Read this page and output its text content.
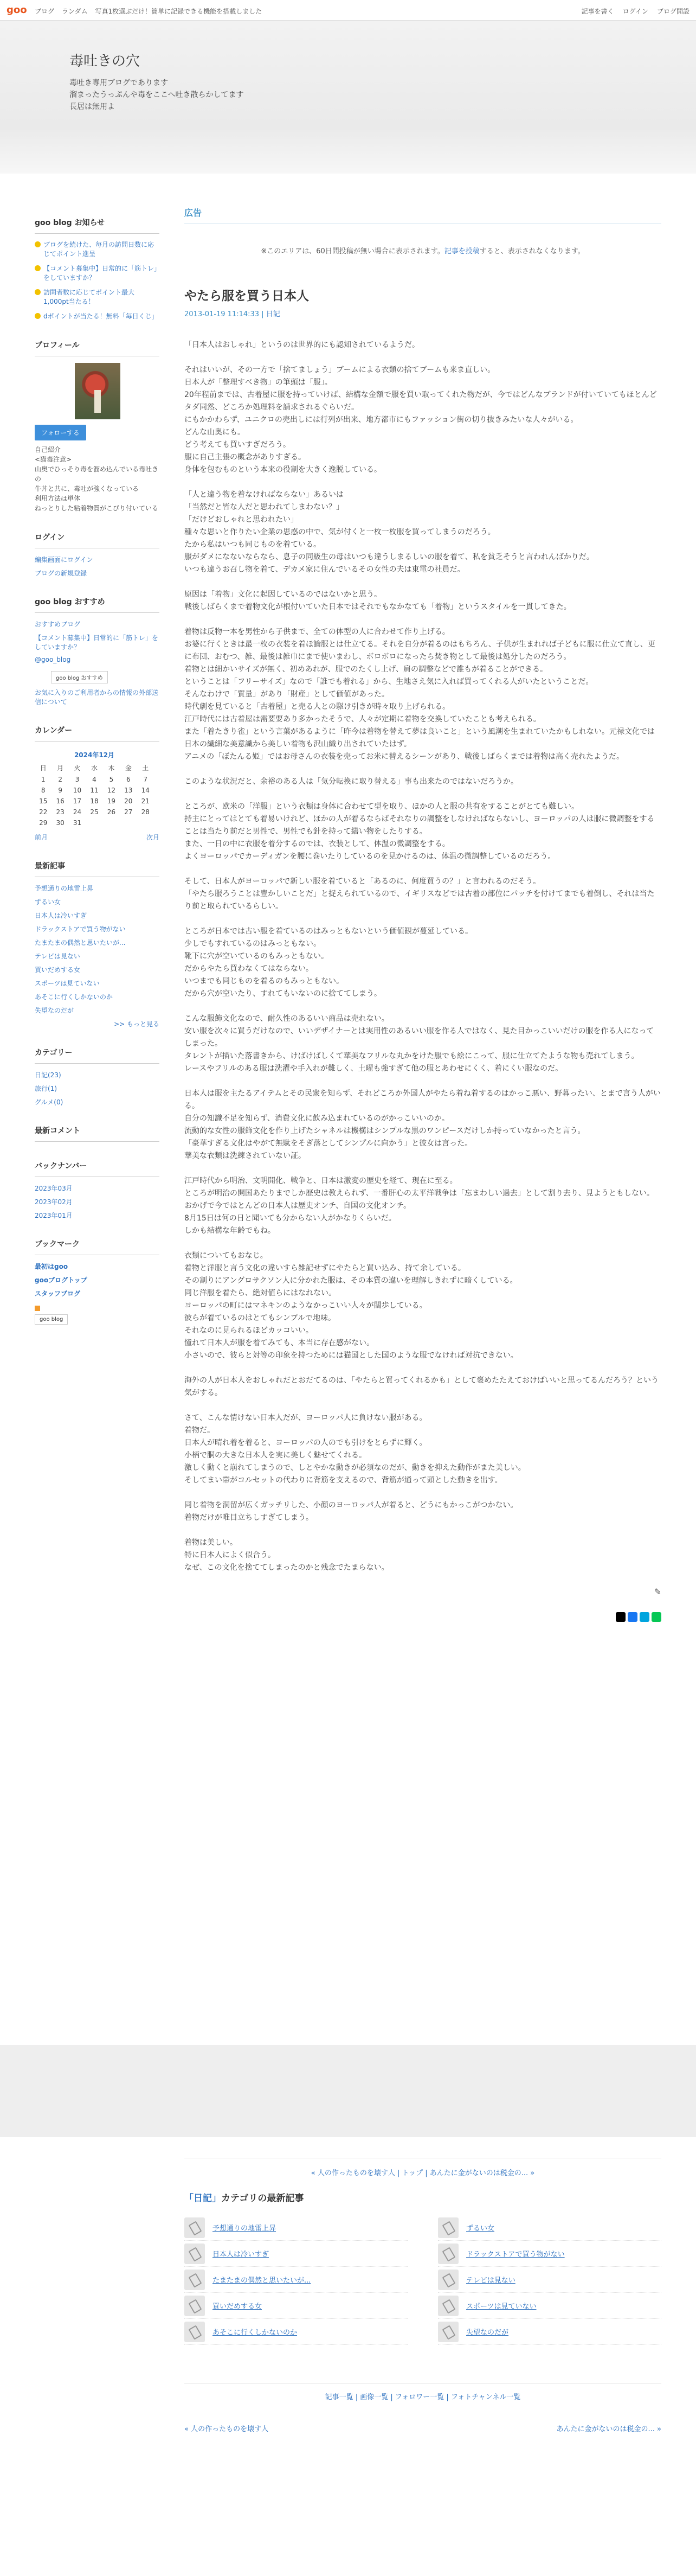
goo ブログ ランダム 写真1枚選ぶだけ！簡単に記録できる機能を搭載しました	記事を書く ログイン ブログ開設
毒吐きの穴
毒吐き専用ブログであります
溜まったうっぷんや毒をここへ吐き散らかしてます
長居は無用よ
goo blog お知らせ
ブログを続けた、毎月の訪問日数に応じてポイント進呈
【コメント募集中】日常的に「筋トレ」をしていますか？
訪問者数に応じてポイント最大1,000pt当たる！
dポイントが当たる！無料「毎日くじ」
プロフィール
フォローする
自己紹介
<猫毒注意>
山奥でひっそり毒を溜め込んでいる毒吐きの
牛丼と共に、毒吐が強くなっている
利用方法は単体
ねっとりした粘着物質がこびり付いている
ログイン
編集画面にログイン
ブログの新規登録
goo blog おすすめ
おすすめブログ
【コメント募集中】日常的に「筋トレ」をしていますか？
@goo_blog
goo blog おすすめ
お気に入りのご利用者からの情報の外部送信について
カレンダー
2024年12月
日	月	火	水	木	金	土
1	2	3	4	5	6	7
8	9	10	11	12	13	14
15	16	17	18	19	20	21
22	23	24	25	26	27	28
29	30	31				
前月	次月
最新記事
予想通りの地雷上昇
ずるい女
日本人は冷いすぎ
ドラックストアで買う物がない
たまたまの偶然と思いたいが...
テレビは見ない
買いだめする女
スポーツは見ていない
あそこに行くしかないのか
失望なのだが
>> もっと見る
カテゴリー
日記(23)
旅行(1)
グルメ(0)
最新コメント
バックナンバー
2023年03月
2023年02月
2023年01月
ブックマーク
最初はgoo
gooブログトップ
スタッフブログ
goo blog
広告
※このエリアは、60日間投稿が無い場合に表示されます。記事を投稿すると、表示されなくなります。
やたら服を買う日本人
2013-01-19 11:14:33 | 日記

「日本人はおしゃれ」というのは世界的にも認知されているようだ。

それはいいが、その一方で「捨てましょう」ブームによる衣類の捨てブームも来ま直しい。
日本人が「整理すべき物」の筆頭は「服」。
20年程前までは、古着屋に服を持っていけば、結構な金額で服を買い取ってくれた物だが、今ではどんなブランドが付いていてもほとんどタダ同然、どころか処理料を請求されるぐらいだ。
にもかかわらず、ユニクロの売出しには行列が出来、地方都市にもファッション街の切り抜きみたいな人々がいる。
どんな山奥にも。
どう考えても買いすぎだろう。
服に自己主張の概念がありすぎる。
身体を包むものという本来の役割を大きく逸脱している。

「人と違う物を着なければならない」あるいは
「当然だと皆な人だと思われてしまわない？」
「だけどおしゃれと思われたい」
種々な思いと作りたい企業の思惑の中で、気が付くと一枚一枚服を買ってしまうのだろう。
たから私はいつも同じものを着ている。
服がダメになないならなら、息子の同級生の母はいつも違うしまるしいの服を着て、私を貧乏そうと言われんばかりだ。
いつも違うお召し物を着て、デカメ家に住んでいるその女性の夫は東電の社員だ。

原因は「着物」文化に起因しているのではないかと思う。
戦後しばらくまで着物文化が根付いていた日本ではそれでもなかなても「着物」というスタイルを一貫してきた。

着物は反物一本を男性から子供まで、全ての体型の人に合わせて作り上げる。
お婆に行くときは最一枚の衣装を着ほ論服とは仕立てる。それを自分が着るのはもちろん、子供が生まれれば子どもに服に仕立て直し、更に布団、おむつ、雑、最後は雑巾にまで使いまわし、ボロボロになったら焚き物として最後は処分したのだろう。
着物とは細かいサイズが無く、初めあれが、服でのたくし上げ、肩の調整などで誰もが着ることができる。
ということは「フリーサイズ」なので「誰でも着れる」から、生地さえ気に入れば買ってくれる人がいたということだ。
そんなわけで「質量」があり「財産」として価値があった。
時代劇を見ていると「古着屋」と売る人との駆け引きが時々取り上げられる。
江戸時代には古着屋は需要要あり多かったそうで、人々が定期に着物を交換していたことも考えられる。
また「着たきり雀」という言葉があるように「昨今は着物を替えて夢は良いこと」という風潮を生まれていたかもしれない。元禄文化では日本の繊細な美意識から美しい着物も沢山織り出されていたはず。
アニメの「ぼたんる姫」ではお母さんの衣装を売ってお米に替えるシーンがあり、戦後しばらくまでは着物は高く売れたようだ。

このような状況だと、余裕のある人は「気分転換に取り替える」事も出来たのではないだろうか。

ところが、欧米の「洋服」という衣類は身体に合わせて型を取り、ほかの人と服の共有をすることがとても難しい。
持主にとってはとても着易いけれど、ほかの人が着るならばそれなりの調整をしなければならないし、ヨーロッパの人は服に微調整をすることは当たり前だと男性で、男性でも針を持って繕い物をしたりする。
また、一日の中に衣服を着分するのでは、衣装として、体温の微調整をする。
よくヨーロッパでカーディガンを腰に巻いたりしているのを見かけるのは、体温の微調整しているのだろう。

そして、日本人がヨーロッパで新しい服を着ていると「あるのに、何度買うの？」と言われるのだそう。
「やたら服ろうことは豊かしいことだ」と捉えられているので、イギリスなどでは古着の部位にパッチを付けてまでも着倒し、それは当たり前と取られているらしい。

ところが日本では古い服を着ているのはみっともないという価値観が蔓延している。
少しでもすれているのはみっともない。
靴下に穴が空いているのもみっともない。
だからやたら買わなくてはならない。
いつまでも同じものを着るのもみっともない。
だから穴が空いたり、すれてもいないのに捨ててしまう。

こんな服飾文化なので、耐久性のあるいい商品は売れない。
安い服を次々に買うだけなので、いいデザイナーとは実用性のあるいい服を作る人ではなく、見た目かっこいいだけの服を作る人になってしまった。
タレントが描いた落書きから、けばけばしくて華美なフリルな丸かをけた服でも絵にこって、服に仕立てたような物も売れてしまう。
レースやフリルのある服は洗濯や手入れが難しく、土曜も強すぎて他の服とあわせにくく、着にくい服なのだ。

日本人は服を主たるアイテムとその民衆を知らず、それどころか外国人がやたら着ね着するのはかっこ悪い、野暮ったい、とまで言う人がいる。
自分の知識不足を知らず、消費文化に飲み込まれているのがかっこいいのか。
流動的な女性の服飾文化を作り上げたシャネルは機構はシンプルな黒のワンピースだけしか持っていなかったと言う。
「豪華すぎる文化はやがて無駄をそぎ落としてシンプルに向かう」と彼女は言った。
華美な衣類は洗練されていない証。

江戸時代から明治、文明開化、戦争と、日本は激変の歴史を経て、現在に至る。
ところが明治の開国あたりまでしか歴史は教えられず、一番肝心の太平洋戦争は「忘まわしい過去」として割り去り、見ようともしない。
おかげで今ではとんどの日本人は歴史オンチ、自国の文化オンチ。
8月15日は何の日と聞いても分からない人がかなりくらいだ。
しかも結構な年齢でもね。

衣類についてもおなじ。
着物と洋服と言う文化の違いすら雑記せずにやたらと買い込み、持て余している。
その割りにアングロサクソン人に分かれた服は、その本質の違いを理解しきれずに暗くしている。
同じ洋服を着たら、絶対値らにはなれない。
ヨーロッパの町にはマネキンのようなかっこいい人々が闊歩している。
彼らが着ているのはとてもシンプルで地味。
それなのに見られるほどカッコいい。
憧れて日本人が服を着てみても、本当に存在感がない。
小さいので、彼らと対等の印象を持つためには猫国とした国のような服でなければ対抗できない。

海外の人が日本人をおしゃれだとおだてるのは、「やたらと買ってくれるかも」として褒めたたえておけばいいと思ってるんだろう？という気がする。

さて、こんな情けない日本人だが、ヨーロッパ人に負けない服がある。
着物だ。
日本人が晴れ着を着ると、ヨーロッパの人のでも引けをとらずに輝く。
小柄で胴の大きな日本人を実に美しく魅せてくれる。
激しく動くと崩れてしまうので、しとやかな動きが必須なのだが、動きを抑えた動作がまた美しい。
そしてまい帯がコルセットの代わりに背筋を支えるので、背筋が通って頭とした動きを出す。

同じ着物を洞留が広くガッチリした、小顔のヨーロッパ人が着ると、どうにもかっこがつかない。
着物だけが唯目立ちしすぎてしまう。

着物は美しい。
特に日本人によく似合う。
なぜ、この文化を捨ててしまったのかと残念でたまらない。

✎
« 人の作ったものを壊す人 | トップ | あんたに金がないのは税金の... »
「日記」カテゴリの最新記事
予想通りの地雷上昇	ずるい女
日本人は冷いすぎ	ドラックストアで買う物がない
たまたまの偶然と思いたいが...	テレビは見ない
買いだめする女	スポーツは見ていない
あそこに行くしかないのか	失望なのだが
記事一覧 | 画像一覧 | フォロワー一覧 | フォトチャンネル一覧
« 人の作ったものを壊す人	あんたに金がないのは税金の... »
